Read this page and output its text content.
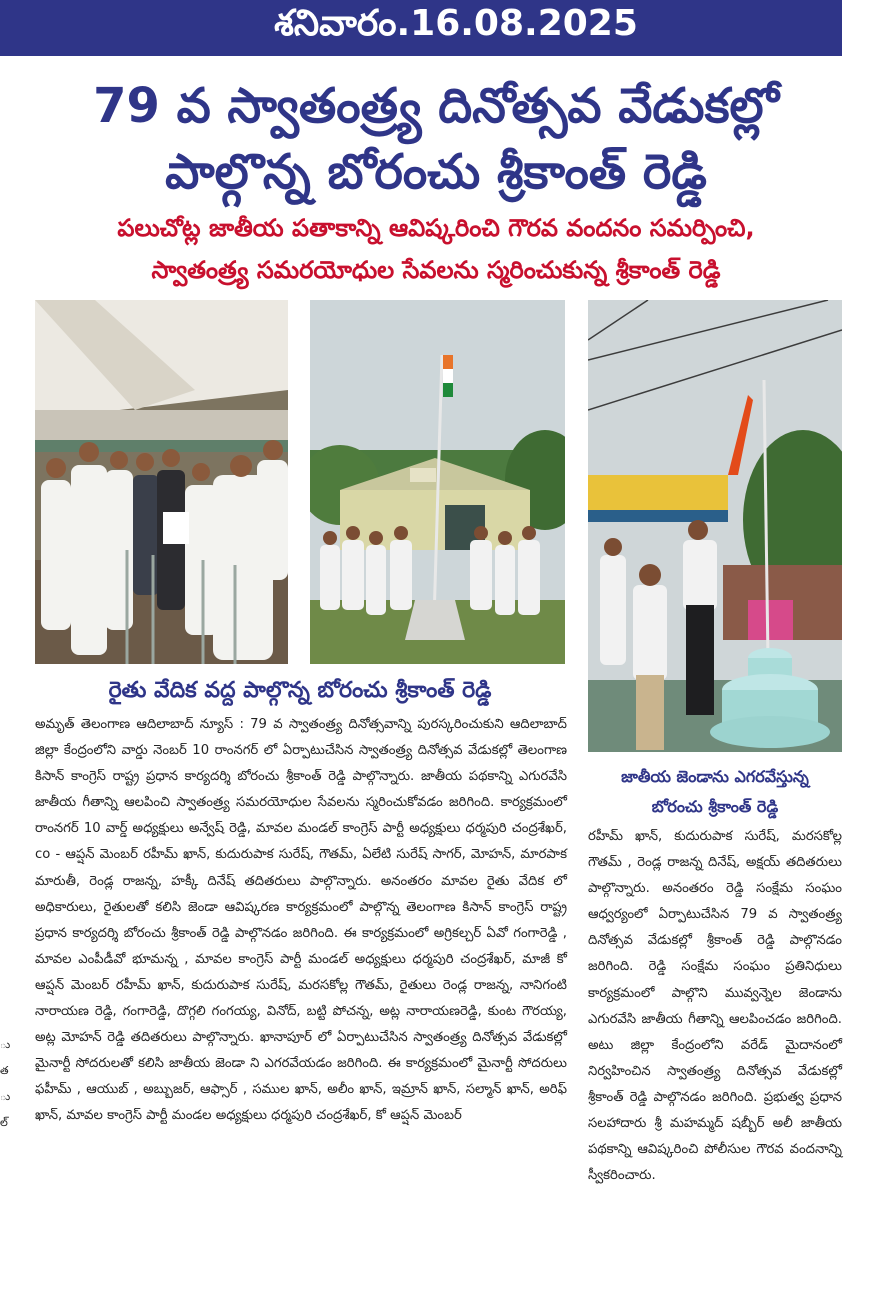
శనివారం.16.08.2025
79 వ స్వాతంత్ర్య దినోత్సవ వేడుకల్లో
పాల్గొన్న బోరంచు శ్రీకాంత్ రెడ్డి
పలుచోట్ల జాతీయ పతాకాన్ని ఆవిష్కరించి గౌరవ వందనం సమర్పించి,
స్వాతంత్ర్య సమరయోధుల సేవలను స్మరించుకున్న శ్రీకాంత్ రెడ్డి
రైతు వేదిక వద్ద పాల్గొన్న బోరంచు శ్రీకాంత్ రెడ్డి
జాతీయ జెండాను ఎగరవేస్తున్న
బోరంచు శ్రీకాంత్ రెడ్డి
అమృత్ తెలంగాణ ఆదిలాబాద్ న్యూస్ : 79 వ స్వాతంత్ర్య దినోత్సవాన్ని పురస్కరించుకుని ఆదిలాబాద్ జిల్లా కేంద్రంలోని వార్డు నెంబర్ 10 రాంనగర్ లో ఏర్పాటుచేసిన స్వాతంత్ర్య దినోత్సవ వేడుకల్లో తెలంగాణ కిసాన్ కాంగ్రెస్ రాష్ట్ర ప్రధాన కార్యదర్శి బోరంచు శ్రీకాంత్ రెడ్డి పాల్గొన్నారు. జాతీయ పథకాన్ని ఎగురవేసి జాతీయ గీతాన్ని ఆలపించి స్వాతంత్ర్య సమరయోధుల సేవలను స్మరించుకోవడం జరిగింది. కార్యక్రమంలో రాంనగర్ 10 వార్డ్ అధ్యక్షులు అన్వేష్ రెడ్డి, మావల మండల్ కాంగ్రెస్ పార్టీ అధ్యక్షులు ధర్మపురి చంద్రశేఖర్, co - ఆప్షన్ మెంబర్ రహీమ్ ఖాన్, కుదురుపాక సురేష్, గౌతమ్, ఏలేటి సురేష్ సాగర్, మోహన్, మారపాక మారుతీ, రెండ్ల రాజన్న, హక్కీ దినేష్ తదితరులు పాల్గొన్నారు. అనంతరం మావల రైతు వేదిక లో అధికారులు, రైతులతో కలిసి జెండా ఆవిష్కరణ కార్యక్రమంలో పాల్గొన్న తెలంగాణ కిసాన్ కాంగ్రెస్ రాష్ట్ర ప్రధాన కార్యదర్శి బోరంచు శ్రీకాంత్ రెడ్డి పాల్గొనడం జరిగింది. ఈ కార్యక్రమంలో అగ్రికల్చర్ ఏవో గంగారెడ్డి , మావల ఎంపీడీవో భూమన్న , మావల కాంగ్రెస్ పార్టీ మండల్ అధ్యక్షులు ధర్మపురి చంద్రశేఖర్, మాజీ కో ఆప్షన్ మెంబర్ రహీమ్ ఖాన్, కుదురుపాక సురేష్, మరసకోల్ల గౌతమ్, రైతులు రెండ్ల రాజన్న, నానిగంటి నారాయణ రెడ్డి, గంగారెడ్డి, దొగ్గలి గంగయ్య, వినోద్, బట్టి పోచన్న, అట్ల నారాయణరెడ్డి, కుంట గౌరయ్య, అట్ల మోహన్ రెడ్డి తదితరులు పాల్గొన్నారు. ఖానాపూర్ లో ఏర్పాటుచేసిన స్వాతంత్ర్య దినోత్సవ వేడుకల్లో మైనార్టీ సోదరులతో కలిసి జాతీయ జెండా ని ఎగరవేయడం జరిగింది. ఈ కార్యక్రమంలో మైనార్టీ సోదరులు ఫహీమ్ , ఆయుబ్ , అబ్బుజర్, ఆఫ్సార్ , సముల ఖాన్, అలీం ఖాన్, ఇమ్రాన్ ఖాన్, సల్మాన్ ఖాన్, అరిఫ్ ఖాన్, మావల కాంగ్రెస్ పార్టీ మండల అధ్యక్షులు ధర్మపురి చంద్రశేఖర్, కో ఆప్షన్ మెంబర్
రహీమ్ ఖాన్, కుదురుపాక సురేష్, మరసకోల్ల గౌతమ్ , రెండ్ల రాజన్న దినేష్, అక్షయ్ తదితరులు పాల్గొన్నారు. అనంతరం రెడ్డి సంక్షేమ సంఘం ఆధ్వర్యంలో ఏర్పాటుచేసిన 79 వ స్వాతంత్ర్య దినోత్సవ వేడుకల్లో శ్రీకాంత్ రెడ్డి పాల్గొనడం జరిగింది. రెడ్డి సంక్షేమ సంఘం ప్రతినిధులు కార్యక్రమంలో పాల్గొని మువ్వన్నెల జెండాను ఎగురవేసి జాతీయ గీతాన్ని ఆలపించడం జరిగింది. అటు జిల్లా కేంద్రంలోని వరేడ్ మైదానంలో నిర్వహించిన స్వాతంత్ర్య దినోత్సవ వేడుకల్లో శ్రీకాంత్ రెడ్డి పాల్గొనడం జరిగింది. ప్రభుత్వ ప్రధాన సలహాదారు శ్రీ మహమ్మద్ షబ్బీర్ అలీ జాతీయ పథకాన్ని ఆవిష్కరించి పోలీసుల గౌరవ వందనాన్ని స్వీకరించారు.
ు
త
ు
ల్
